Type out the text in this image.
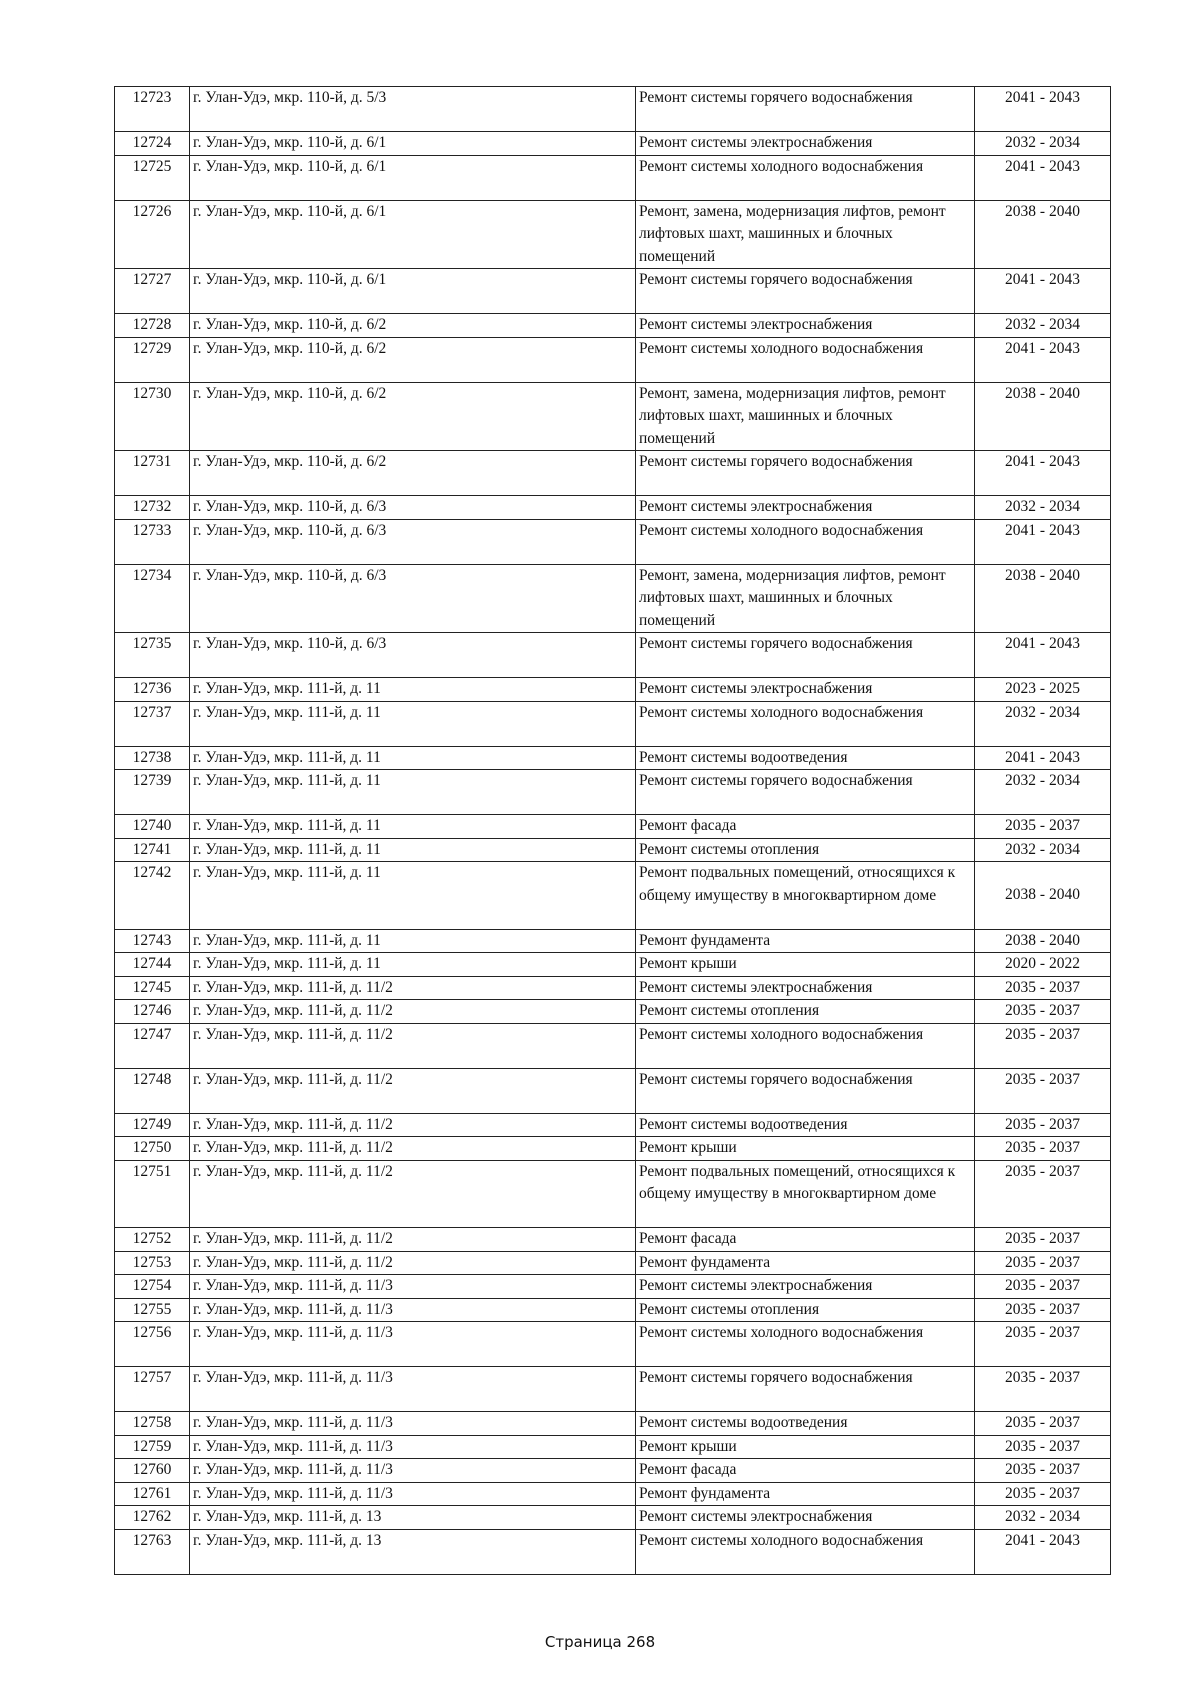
12723	г. Улан-Удэ, мкр. 110-й, д. 5/3	Ремонт системы горячего водоснабжения	2041 - 2043
12724	г. Улан-Удэ, мкр. 110-й, д. 6/1	Ремонт системы электроснабжения	2032 - 2034
12725	г. Улан-Удэ, мкр. 110-й, д. 6/1	Ремонт системы холодного водоснабжения	2041 - 2043
12726	г. Улан-Удэ, мкр. 110-й, д. 6/1	Ремонт, замена, модернизация лифтов, ремонт лифтовых шахт, машинных и блочных помещений	2038 - 2040
12727	г. Улан-Удэ, мкр. 110-й, д. 6/1	Ремонт системы горячего водоснабжения	2041 - 2043
12728	г. Улан-Удэ, мкр. 110-й, д. 6/2	Ремонт системы электроснабжения	2032 - 2034
12729	г. Улан-Удэ, мкр. 110-й, д. 6/2	Ремонт системы холодного водоснабжения	2041 - 2043
12730	г. Улан-Удэ, мкр. 110-й, д. 6/2	Ремонт, замена, модернизация лифтов, ремонт лифтовых шахт, машинных и блочных помещений	2038 - 2040
12731	г. Улан-Удэ, мкр. 110-й, д. 6/2	Ремонт системы горячего водоснабжения	2041 - 2043
12732	г. Улан-Удэ, мкр. 110-й, д. 6/3	Ремонт системы электроснабжения	2032 - 2034
12733	г. Улан-Удэ, мкр. 110-й, д. 6/3	Ремонт системы холодного водоснабжения	2041 - 2043
12734	г. Улан-Удэ, мкр. 110-й, д. 6/3	Ремонт, замена, модернизация лифтов, ремонт лифтовых шахт, машинных и блочных помещений	2038 - 2040
12735	г. Улан-Удэ, мкр. 110-й, д. 6/3	Ремонт системы горячего водоснабжения	2041 - 2043
12736	г. Улан-Удэ, мкр. 111-й, д. 11	Ремонт системы электроснабжения	2023 - 2025
12737	г. Улан-Удэ, мкр. 111-й, д. 11	Ремонт системы холодного водоснабжения	2032 - 2034
12738	г. Улан-Удэ, мкр. 111-й, д. 11	Ремонт системы водоотведения	2041 - 2043
12739	г. Улан-Удэ, мкр. 111-й, д. 11	Ремонт системы горячего водоснабжения	2032 - 2034
12740	г. Улан-Удэ, мкр. 111-й, д. 11	Ремонт фасада	2035 - 2037
12741	г. Улан-Удэ, мкр. 111-й, д. 11	Ремонт системы отопления	2032 - 2034
12742	г. Улан-Удэ, мкр. 111-й, д. 11	Ремонт подвальных помещений, относящихся к общему имуществу в многоквартирном доме	2038 - 2040
12743	г. Улан-Удэ, мкр. 111-й, д. 11	Ремонт фундамента	2038 - 2040
12744	г. Улан-Удэ, мкр. 111-й, д. 11	Ремонт крыши	2020 - 2022
12745	г. Улан-Удэ, мкр. 111-й, д. 11/2	Ремонт системы электроснабжения	2035 - 2037
12746	г. Улан-Удэ, мкр. 111-й, д. 11/2	Ремонт системы отопления	2035 - 2037
12747	г. Улан-Удэ, мкр. 111-й, д. 11/2	Ремонт системы холодного водоснабжения	2035 - 2037
12748	г. Улан-Удэ, мкр. 111-й, д. 11/2	Ремонт системы горячего водоснабжения	2035 - 2037
12749	г. Улан-Удэ, мкр. 111-й, д. 11/2	Ремонт системы водоотведения	2035 - 2037
12750	г. Улан-Удэ, мкр. 111-й, д. 11/2	Ремонт крыши	2035 - 2037
12751	г. Улан-Удэ, мкр. 111-й, д. 11/2	Ремонт подвальных помещений, относящихся к общему имуществу в многоквартирном доме	2035 - 2037
12752	г. Улан-Удэ, мкр. 111-й, д. 11/2	Ремонт фасада	2035 - 2037
12753	г. Улан-Удэ, мкр. 111-й, д. 11/2	Ремонт фундамента	2035 - 2037
12754	г. Улан-Удэ, мкр. 111-й, д. 11/3	Ремонт системы электроснабжения	2035 - 2037
12755	г. Улан-Удэ, мкр. 111-й, д. 11/3	Ремонт системы отопления	2035 - 2037
12756	г. Улан-Удэ, мкр. 111-й, д. 11/3	Ремонт системы холодного водоснабжения	2035 - 2037
12757	г. Улан-Удэ, мкр. 111-й, д. 11/3	Ремонт системы горячего водоснабжения	2035 - 2037
12758	г. Улан-Удэ, мкр. 111-й, д. 11/3	Ремонт системы водоотведения	2035 - 2037
12759	г. Улан-Удэ, мкр. 111-й, д. 11/3	Ремонт крыши	2035 - 2037
12760	г. Улан-Удэ, мкр. 111-й, д. 11/3	Ремонт фасада	2035 - 2037
12761	г. Улан-Удэ, мкр. 111-й, д. 11/3	Ремонт фундамента	2035 - 2037
12762	г. Улан-Удэ, мкр. 111-й, д. 13	Ремонт системы электроснабжения	2032 - 2034
12763	г. Улан-Удэ, мкр. 111-й, д. 13	Ремонт системы холодного водоснабжения	2041 - 2043
Страница 268
